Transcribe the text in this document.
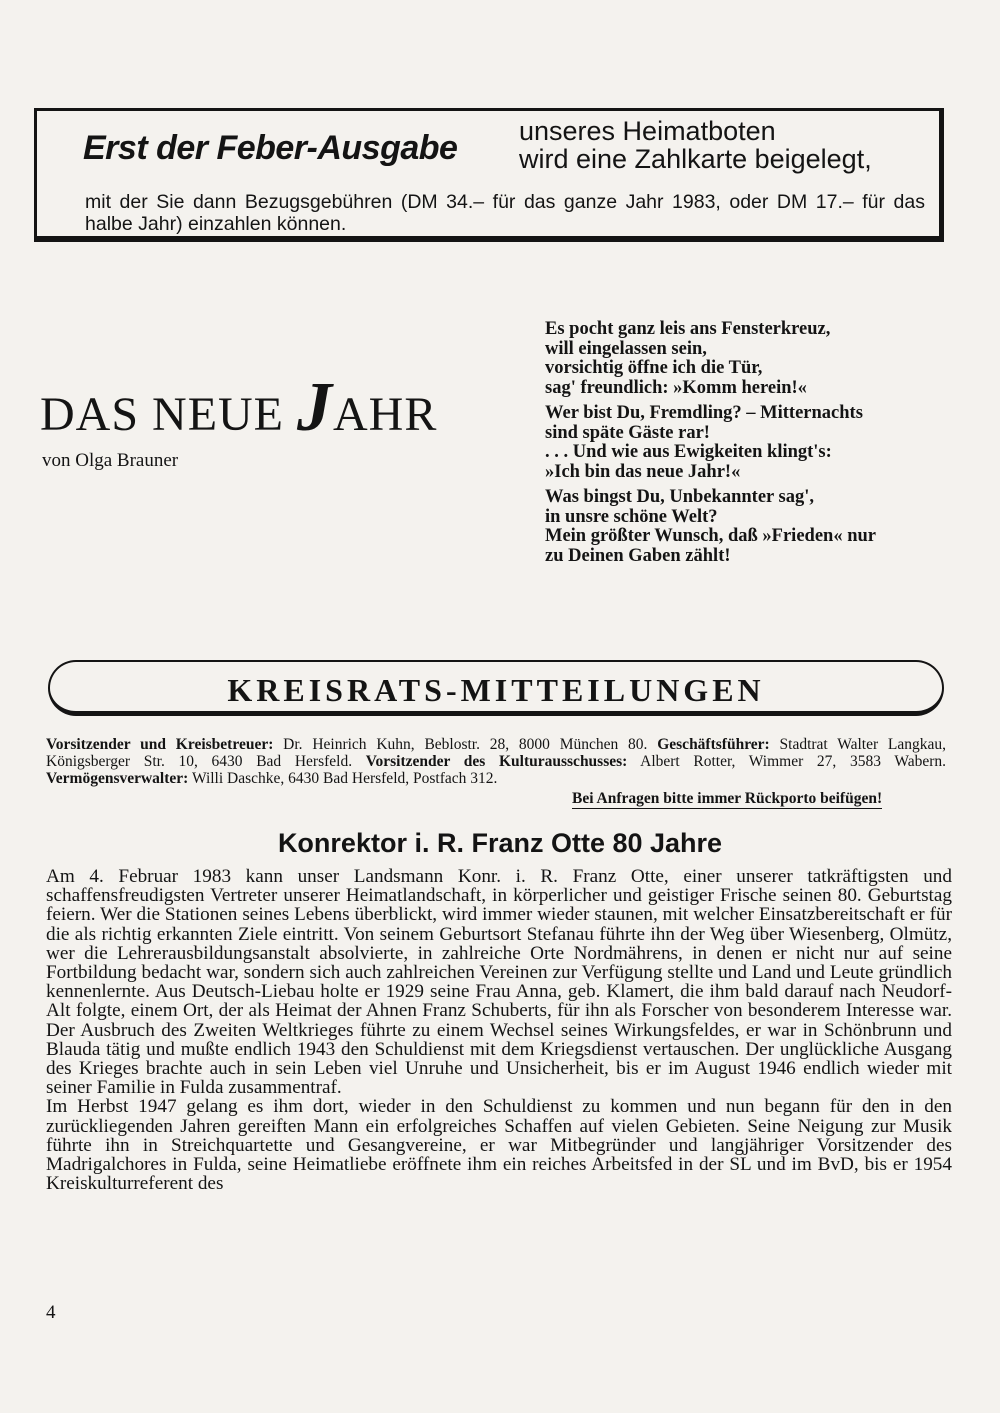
Erst der Feber-Ausgabe unseres Heimatboten
wird eine Zahlkarte beigelegt,
mit der Sie dann Bezugsgebühren (DM 34.– für das ganze Jahr 1983, oder DM 17.– für das halbe Jahr) einzahlen können.
DAS NEUE JAHR
von Olga Brauner
Es pocht ganz leis ans Fensterkreuz,
will eingelassen sein,
vorsichtig öffne ich die Tür,
sag' freundlich: »Komm herein!«
Wer bist Du, Fremdling? – Mitternachts
sind späte Gäste rar!
. . . Und wie aus Ewigkeiten klingt's:
»Ich bin das neue Jahr!«
Was bingst Du, Unbekannter sag',
in unsre schöne Welt?
Mein größter Wunsch, daß »Frieden« nur
zu Deinen Gaben zählt!
KREISRATS-MITTEILUNGEN
Vorsitzender und Kreisbetreuer: Dr. Heinrich Kuhn, Beblostr. 28, 8000 München 80. Geschäftsführer: Stadtrat Walter Langkau, Königsberger Str. 10, 6430 Bad Hersfeld. Vorsitzender des Kulturausschusses: Albert Rotter, Wimmer 27, 3583 Wabern. Vermögensverwalter: Willi Daschke, 6430 Bad Hersfeld, Postfach 312.
Bei Anfragen bitte immer Rückporto beifügen!
Konrektor i. R. Franz Otte 80 Jahre

Am 4. Februar 1983 kann unser Landsmann Konr. i. R. Franz Otte, einer unserer tatkräftigsten und schaffensfreudigsten Vertreter unserer Heimatlandschaft, in körperlicher und geistiger Frische seinen 80. Geburtstag feiern. Wer die Stationen seines Lebens überblickt, wird immer wieder staunen, mit welcher Einsatzbereitschaft er für die als richtig erkannten Ziele eintritt. Von seinem Geburtsort Stefanau führte ihn der Weg über Wiesenberg, Olmütz, wer die Lehrerausbildungsanstalt absolvierte, in zahlreiche Orte Nordmährens, in denen er nicht nur auf seine Fortbildung bedacht war, sondern sich auch zahlreichen Vereinen zur Verfügung stellte und Land und Leute gründlich kennenlernte. Aus Deutsch-Liebau holte er 1929 seine Frau Anna, geb. Klamert, die ihm bald darauf nach Neudorf-Alt folgte, einem Ort, der als Heimat der Ahnen Franz Schuberts, für ihn als Forscher von besonderem Interesse war. Der Ausbruch des Zweiten Weltkrieges führte zu einem Wechsel seines Wirkungsfeldes, er war in Schönbrunn und Blauda tätig und mußte endlich 1943 den Schuldienst mit dem Kriegsdienst vertauschen. Der unglückliche Ausgang des Krieges brachte auch in sein Leben viel Unruhe und Unsicherheit, bis er im August 1946 endlich wieder mit seiner Familie in Fulda zusammentraf.

Im Herbst 1947 gelang es ihm dort, wieder in den Schuldienst zu kommen und nun begann für den in den zurückliegenden Jahren gereiften Mann ein erfolgreiches Schaffen auf vielen Gebieten. Seine Neigung zur Musik führte ihn in Streichquartette und Gesangvereine, er war Mitbegründer und langjähriger Vorsitzender des Madrigalchores in Fulda, seine Heimatliebe eröffnete ihm ein reiches Arbeitsfed in der SL und im BvD, bis er 1954 Kreiskulturreferent des

4
